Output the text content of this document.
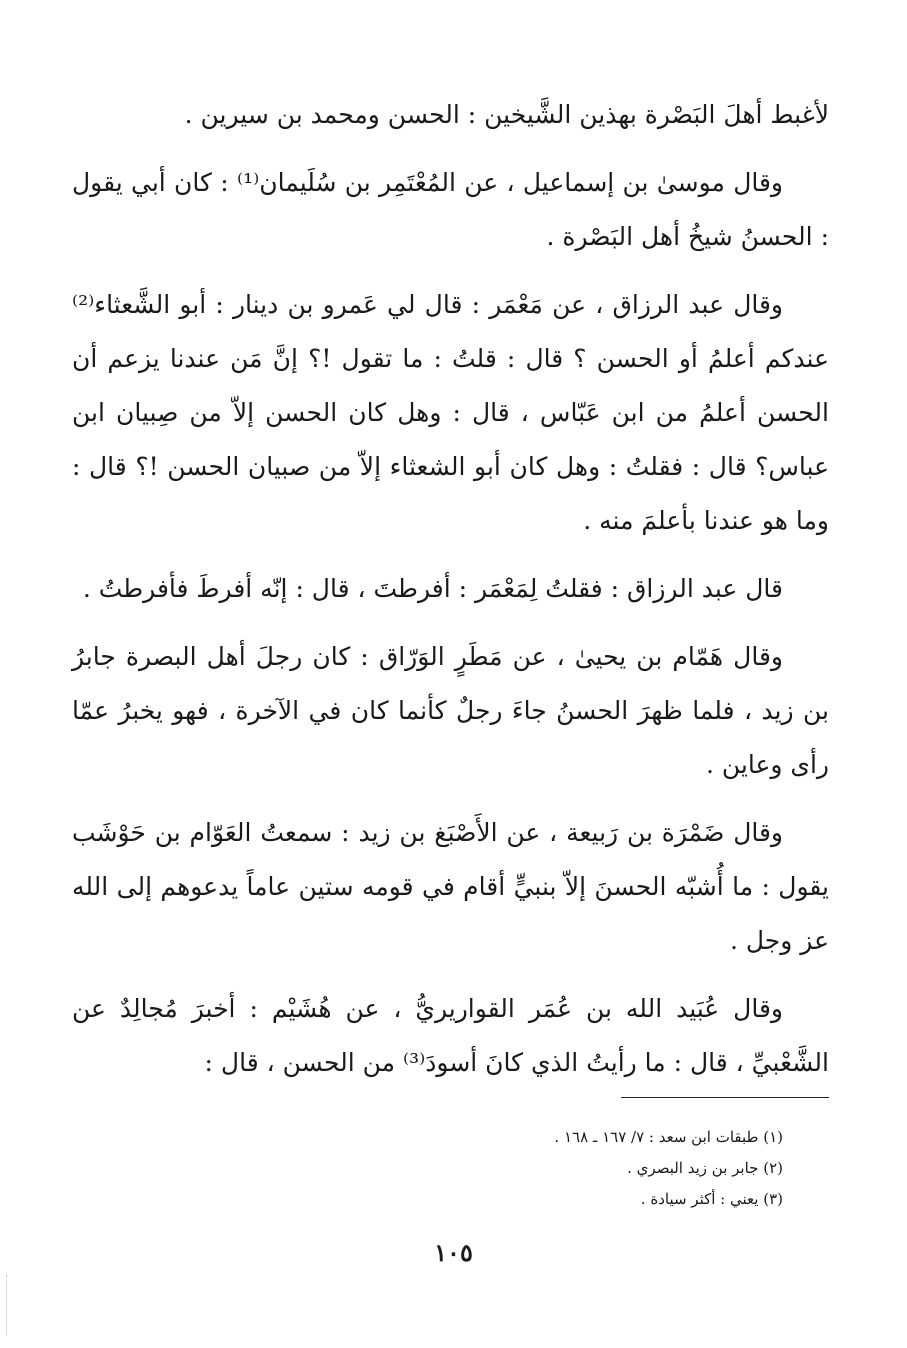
لأغبط أهلَ البَصْرة بهذين الشَّيخين : الحسن ومحمد بن سيرين .

وقال موسىٰ بن إسماعيل ، عن المُعْتَمِر بن سُلَيمان⁽¹⁾ : كان أبي يقول : الحسنُ شيخُ أهل البَصْرة .

وقال عبد الرزاق ، عن مَعْمَر : قال لي عَمرو بن دينار : أبو الشَّعثاء⁽²⁾ عندكم أعلمُ أو الحسن ؟ قال : قلتُ : ما تقول !؟ إنَّ مَن عندنا يزعم أن الحسن أعلمُ من ابن عَبّاس ، قال : وهل كان الحسن إلاّ من صِبيان ابن عباس؟ قال : فقلتُ : وهل كان أبو الشعثاء إلاّ من صبيان الحسن !؟ قال : وما هو عندنا بأعلمَ منه .

قال عبد الرزاق : فقلتُ لِمَعْمَر : أفرطتَ ، قال : إنّه أفرطَ فأفرطتُ .

وقال هَمّام بن يحيىٰ ، عن مَطَرٍ الوَرّاق : كان رجلَ أهل البصرة جابرُ بن زيد ، فلما ظهرَ الحسنُ جاءَ رجلٌ كأنما كان في الآخرة ، فهو يخبرُ عمّا رأى وعاين .

وقال ضَمْرَة بن رَبيعة ، عن الأَصْبَغ بن زيد : سمعتُ العَوّام بن حَوْشَب يقول : ما أُشبّه الحسنَ إلاّ بنبيٍّ أقام في قومه ستين عاماً يدعوهم إلى الله عز وجل .

وقال عُبَيد الله بن عُمَر القواريريُّ ، عن هُشَيْم : أخبرَ مُجالِدٌ عن الشَّعْبيِّ ، قال : ما رأيتُ الذي كانَ أسودَ⁽³⁾ من الحسن ، قال :

(١) طبقات ابن سعد : ٧/ ١٦٧ ـ ١٦٨ .

(٢) جابر بن زيد البصري .

(٣) يعني : أكثر سيادة .

١٠٥
